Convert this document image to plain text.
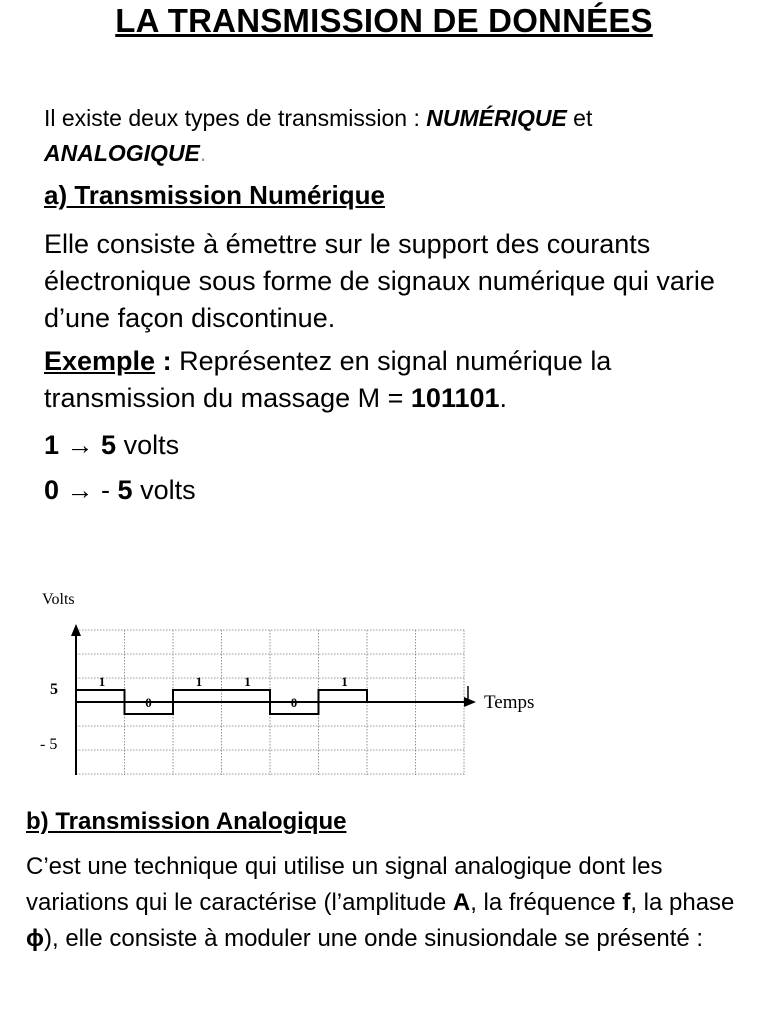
LA TRANSMISSION DE DONNÉES

Il existe deux types de transmission : NUMÉRIQUE et ANALOGIQUE.

a) Transmission Numérique

Elle consiste à émettre sur le support des courants électronique sous forme de signaux numérique qui varie d’une façon discontinue.

Exemple : Représentez en signal numérique la transmission du massage M = 101101.

1 → 5 volts

0 → - 5 volts

1
0
1	1
0
1
Volts
Temps
5
- 5
b) Transmission Analogique

C’est une technique qui utilise un signal analogique dont les variations qui le caractérise (l’amplitude A, la fréquence f, la phase ϕ), elle consiste à moduler une onde sinusiondale se présenté :
